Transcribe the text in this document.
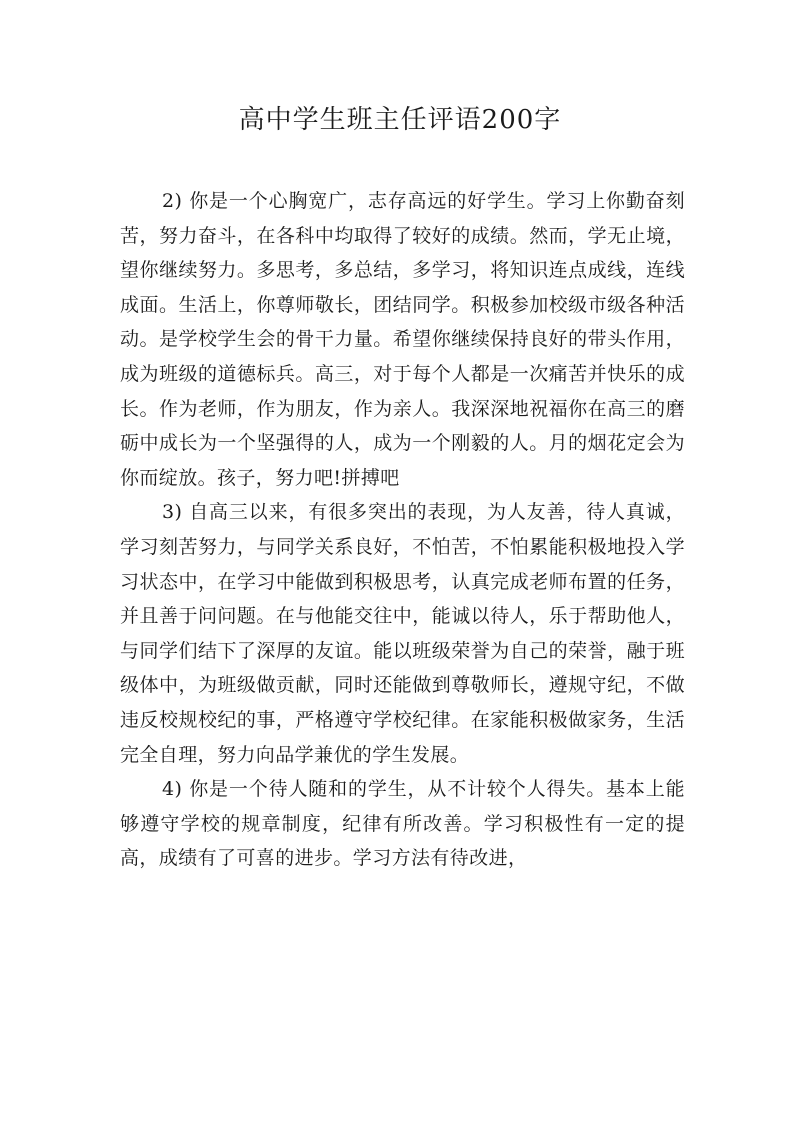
高中学生班主任评语200字

2) 你是一个心胸宽广，志存高远的好学生。学习上你勤奋刻苦，努力奋斗，在各科中均取得了较好的成绩。然而，学无止境，望你继续努力。多思考，多总结，多学习，将知识连点成线，连线成面。生活上，你尊师敬长，团结同学。积极参加校级市级各种活动。是学校学生会的骨干力量。希望你继续保持良好的带头作用，成为班级的道德标兵。高三，对于每个人都是一次痛苦并快乐的成长。作为老师，作为朋友，作为亲人。我深深地祝福你在高三的磨砺中成长为一个坚强得的人，成为一个刚毅的人。月的烟花定会为你而绽放。孩子，努力吧!拼搏吧

3) 自高三以来，有很多突出的表现，为人友善，待人真诚，学习刻苦努力，与同学关系良好，不怕苦，不怕累能积极地投入学习状态中，在学习中能做到积极思考，认真完成老师布置的任务，并且善于问问题。在与他能交往中，能诚以待人，乐于帮助他人，与同学们结下了深厚的友谊。能以班级荣誉为自己的荣誉，融于班级体中，为班级做贡献，同时还能做到尊敬师长，遵规守纪，不做违反校规校纪的事，严格遵守学校纪律。在家能积极做家务，生活完全自理，努力向品学兼优的学生发展。

4) 你是一个待人随和的学生，从不计较个人得失。基本上能够遵守学校的规章制度，纪律有所改善。学习积极性有一定的提高，成绩有了可喜的进步。学习方法有待改进，
